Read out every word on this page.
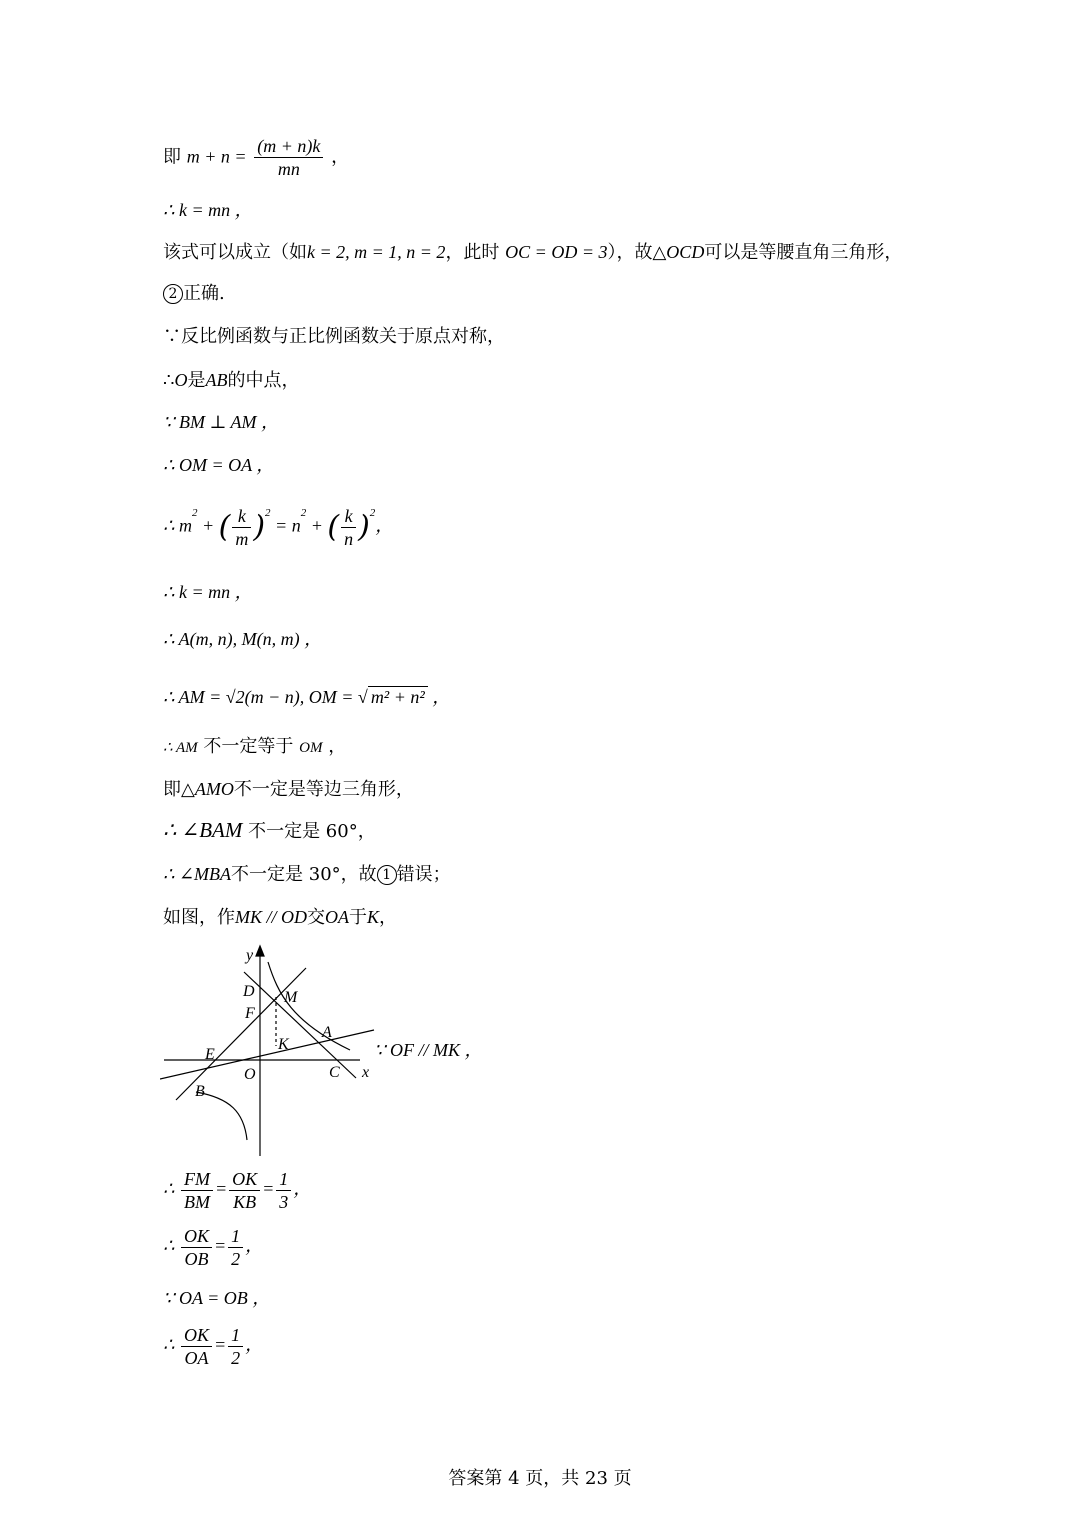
即 $m + n = \frac{(m + n)k}{mn}$ ，
∴ k = mn ，
该式可以成立（如k = 2, m = 1, n = 2，此时 OC = OD = 3），故△OCD可以是等腰直角三角形，
2 正确.
∵反比例函数与正比例函数关于原点对称，
∴O是AB的中点，
∵ BM ⊥ AM ，
∴ OM = OA ，
∴ $m^2$ + ( $\frac{k}{m} )^2 = n^2$ + ( $\frac{k}{n} )^2$，
∴ k = mn ，
∴ A(m, n), M(n, m) ，
∴ AM = √2(m − n), OM = √ m² + n² ，
∴ AM 不一定等于 OM ，
即△AMO不一定是等边三角形，
∴ ∠BAM 不一定是 60°，
∴ ∠MBA不一定是 30°，故 1 错误；
如图，作MK // OD交OA于K，
y
D M
F
A
K
E
O	C x
B
∵ OF // MK ，
∴ $\frac{FM}{BM} = \frac{OK}{KB} = \frac{1}{3}$ ，
∴ $\frac{OK}{OB} = \frac{1}{2}$ ，
∵ OA = OB ，
∴ $\frac{OK}{OA} = \frac{1}{2}$ ，
答案第 4 页，共 23 页
